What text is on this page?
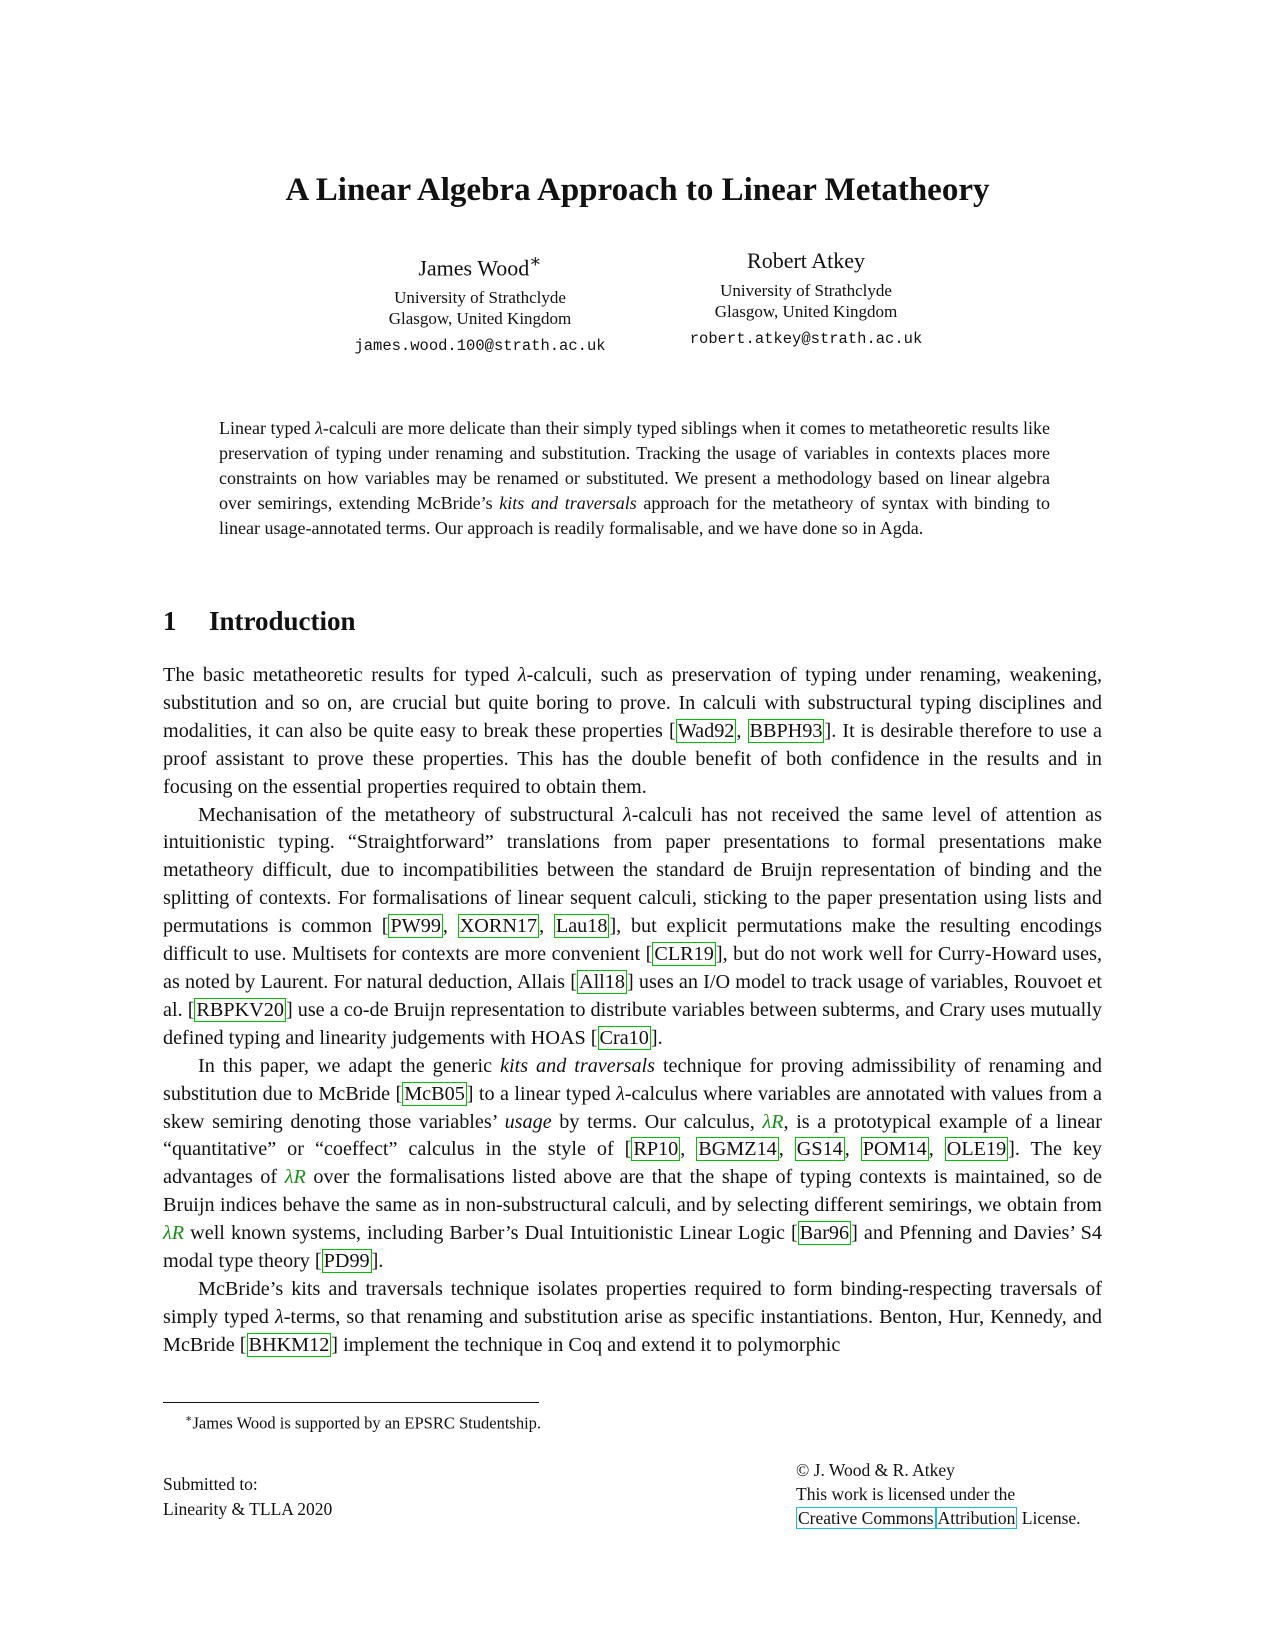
A Linear Algebra Approach to Linear Metatheory
James Wood∗
University of Strathclyde
Glasgow, United Kingdom
james.wood.100@strath.ac.uk
Robert Atkey
University of Strathclyde
Glasgow, United Kingdom
robert.atkey@strath.ac.uk
Linear typed λ-calculi are more delicate than their simply typed siblings when it comes to metatheoretic results like preservation of typing under renaming and substitution. Tracking the usage of variables in contexts places more constraints on how variables may be renamed or substituted. We present a methodology based on linear algebra over semirings, extending McBride’s kits and traversals approach for the metatheory of syntax with binding to linear usage-annotated terms. Our approach is readily formalisable, and we have done so in Agda.
1 Introduction

The basic metatheoretic results for typed λ-calculi, such as preservation of typing under renaming, weakening, substitution and so on, are crucial but quite boring to prove. In calculi with substructural typing disciplines and modalities, it can also be quite easy to break these properties [Wad92, BBPH93]. It is desirable therefore to use a proof assistant to prove these properties. This has the double benefit of both confidence in the results and in focusing on the essential properties required to obtain them.

Mechanisation of the metatheory of substructural λ-calculi has not received the same level of attention as intuitionistic typing. “Straightforward” translations from paper presentations to formal presentations make metatheory difficult, due to incompatibilities between the standard de Bruijn representation of binding and the splitting of contexts. For formalisations of linear sequent calculi, sticking to the paper presentation using lists and permutations is common [PW99, XORN17, Lau18], but explicit permutations make the resulting encodings difficult to use. Multisets for contexts are more convenient [CLR19], but do not work well for Curry-Howard uses, as noted by Laurent. For natural deduction, Allais [All18] uses an I/O model to track usage of variables, Rouvoet et al. [RBPKV20] use a co-de Bruijn representation to distribute variables between subterms, and Crary uses mutually defined typing and linearity judgements with HOAS [Cra10].

In this paper, we adapt the generic kits and traversals technique for proving admissibility of renaming and substitution due to McBride [McB05] to a linear typed λ-calculus where variables are annotated with values from a skew semiring denoting those variables’ usage by terms. Our calculus, λR, is a prototypical example of a linear “quantitative” or “coeffect” calculus in the style of [RP10, BGMZ14, GS14, POM14, OLE19]. The key advantages of λR over the formalisations listed above are that the shape of typing contexts is maintained, so de Bruijn indices behave the same as in non-substructural calculi, and by selecting different semirings, we obtain from λR well known systems, including Barber’s Dual Intuitionistic Linear Logic [Bar96] and Pfenning and Davies’ S4 modal type theory [PD99].

McBride’s kits and traversals technique isolates properties required to form binding-respecting traversals of simply typed λ-terms, so that renaming and substitution arise as specific instantiations. Benton, Hur, Kennedy, and McBride [BHKM12] implement the technique in Coq and extend it to polymorphic

∗James Wood is supported by an EPSRC Studentship.
Submitted to:
Linearity & TLLA 2020
© J. Wood & R. Atkey
This work is licensed under the
Creative Commons Attribution License.
